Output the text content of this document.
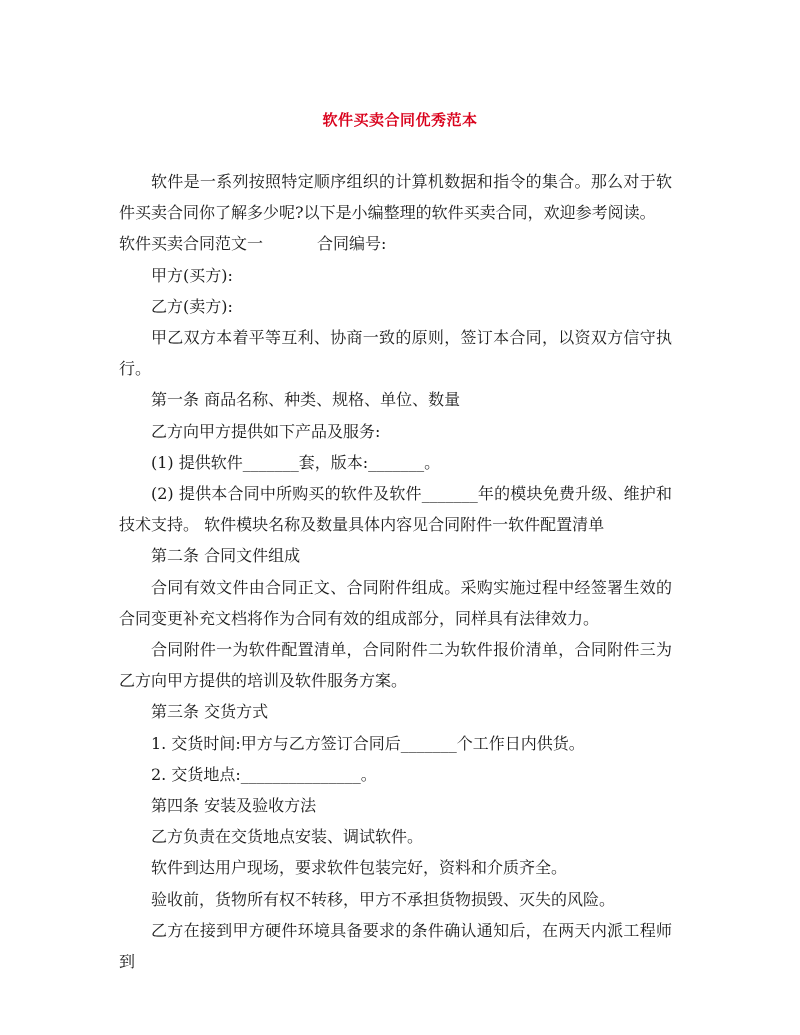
软件买卖合同优秀范本

软件是一系列按照特定顺序组织的计算机数据和指令的集合。那么对于软件买卖合同你了解多少呢?以下是小编整理的软件买卖合同，欢迎参考阅读。

软件买卖合同范文一	合同编号:

甲方(买方):

乙方(卖方):

甲乙双方本着平等互利、协商一致的原则，签订本合同，以资双方信守执行。

第一条 商品名称、种类、规格、单位、数量

乙方向甲方提供如下产品及服务:

(1) 提供软件_______套，版本:_______。

(2) 提供本合同中所购买的软件及软件_______年的模块免费升级、维护和技术支持。 软件模块名称及数量具体内容见合同附件一软件配置清单

第二条 合同文件组成

合同有效文件由合同正文、合同附件组成。采购实施过程中经签署生效的合同变更补充文档将作为合同有效的组成部分，同样具有法律效力。

合同附件一为软件配置清单，合同附件二为软件报价清单，合同附件三为乙方向甲方提供的培训及软件服务方案。

第三条 交货方式

1. 交货时间:甲方与乙方签订合同后_______个工作日内供货。

2. 交货地点:_______________。

第四条 安装及验收方法

乙方负责在交货地点安装、调试软件。

软件到达用户现场，要求软件包装完好，资料和介质齐全。

验收前，货物所有权不转移，甲方不承担货物损毁、灭失的风险。

乙方在接到甲方硬件环境具备要求的条件确认通知后，在两天内派工程师到
